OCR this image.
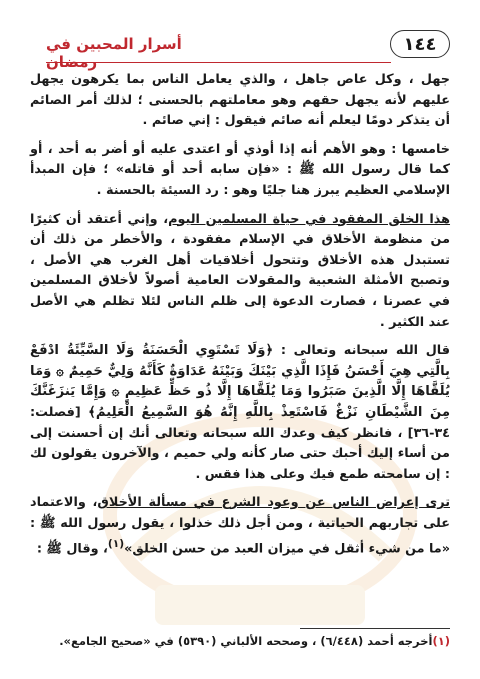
١٤٤
أسرار المحبين في رمضان

جهل ، وكل عاص جاهل ، والذي يعامل الناس بما يكرهون يجهل عليهم لأنه يجهل حقهم وهو معاملتهم بالحسنى ؛ لذلك أمر الصائم أن يتذكر دومًا ليعلم أنه صائم فيقول : إني صائم .

خامسها : وهو الأهم أنه إذا أوذي أو اعتدى عليه أو أضر به أحد ، أو كما قال رسول الله ﷺ : «فإن سابه أحد أو قاتله» ؛ فإن المبدأ الإسلامي العظيم يبرز هنا جليًا وهو : رد السيئة بالحسنة .

هذا الخلق المفقود في حياة المسلمين اليوم، وإني أعتقد أن كثيرًا من منظومة الأخلاق في الإسلام مفقودة ، والأخطر من ذلك أن تستبدل هذه الأخلاق وتتحول أخلاقيات أهل الغرب هي الأصل ، وتصبح الأمثلة الشعبية والمقولات العامية أصولاً لأخلاق المسلمين في عصرنا ، فصارت الدعوة إلى ظلم الناس لئلا تظلم هي الأصل عند الكثير .

قال الله سبحانه وتعالى : ﴿وَلَا تَسْتَوِي الْحَسَنَةُ وَلَا السَّيِّئَةُ ادْفَعْ بِالَّتِي هِيَ أَحْسَنُ فَإِذَا الَّذِي بَيْنَكَ وَبَيْنَهُ عَدَاوَةٌ كَأَنَّهُ وَلِيٌّ حَمِيمٌ ۞ وَمَا يُلَقَّاهَا إِلَّا الَّذِينَ صَبَرُوا وَمَا يُلَقَّاهَا إِلَّا ذُو حَظٍّ عَظِيمٍ ۞ وَإِمَّا يَنزَغَنَّكَ مِنَ الشَّيْطَانِ نَزْغٌ فَاسْتَعِذْ بِاللَّهِ إِنَّهُ هُوَ السَّمِيعُ الْعَلِيمُ﴾ [فصلت: ٣٤-٣٦] ، فانظر كيف وعدك الله سبحانه وتعالى أنك إن أحسنت إلى من أساء إليك أحبك حتى صار كأنه ولي حميم ، والآخرون يقولون لك : إن سامحته طمع فيك وعلى هذا فقس .

ترى إعراض الناس عن وعود الشرع في مسألة الأخلاق، والاعتماد على تجاربهم الحياتية ، ومن أجل ذلك خذلوا ، يقول رسول الله ﷺ : «ما من شيء أثقل في ميزان العبد من حسن الخلق»$^{(١)}$، وقال ﷺ :

(١)أخرجه أحمد (٦/٤٤٨) ، وصححه الألباني (٥٣٩٠) في «صحيح الجامع».
